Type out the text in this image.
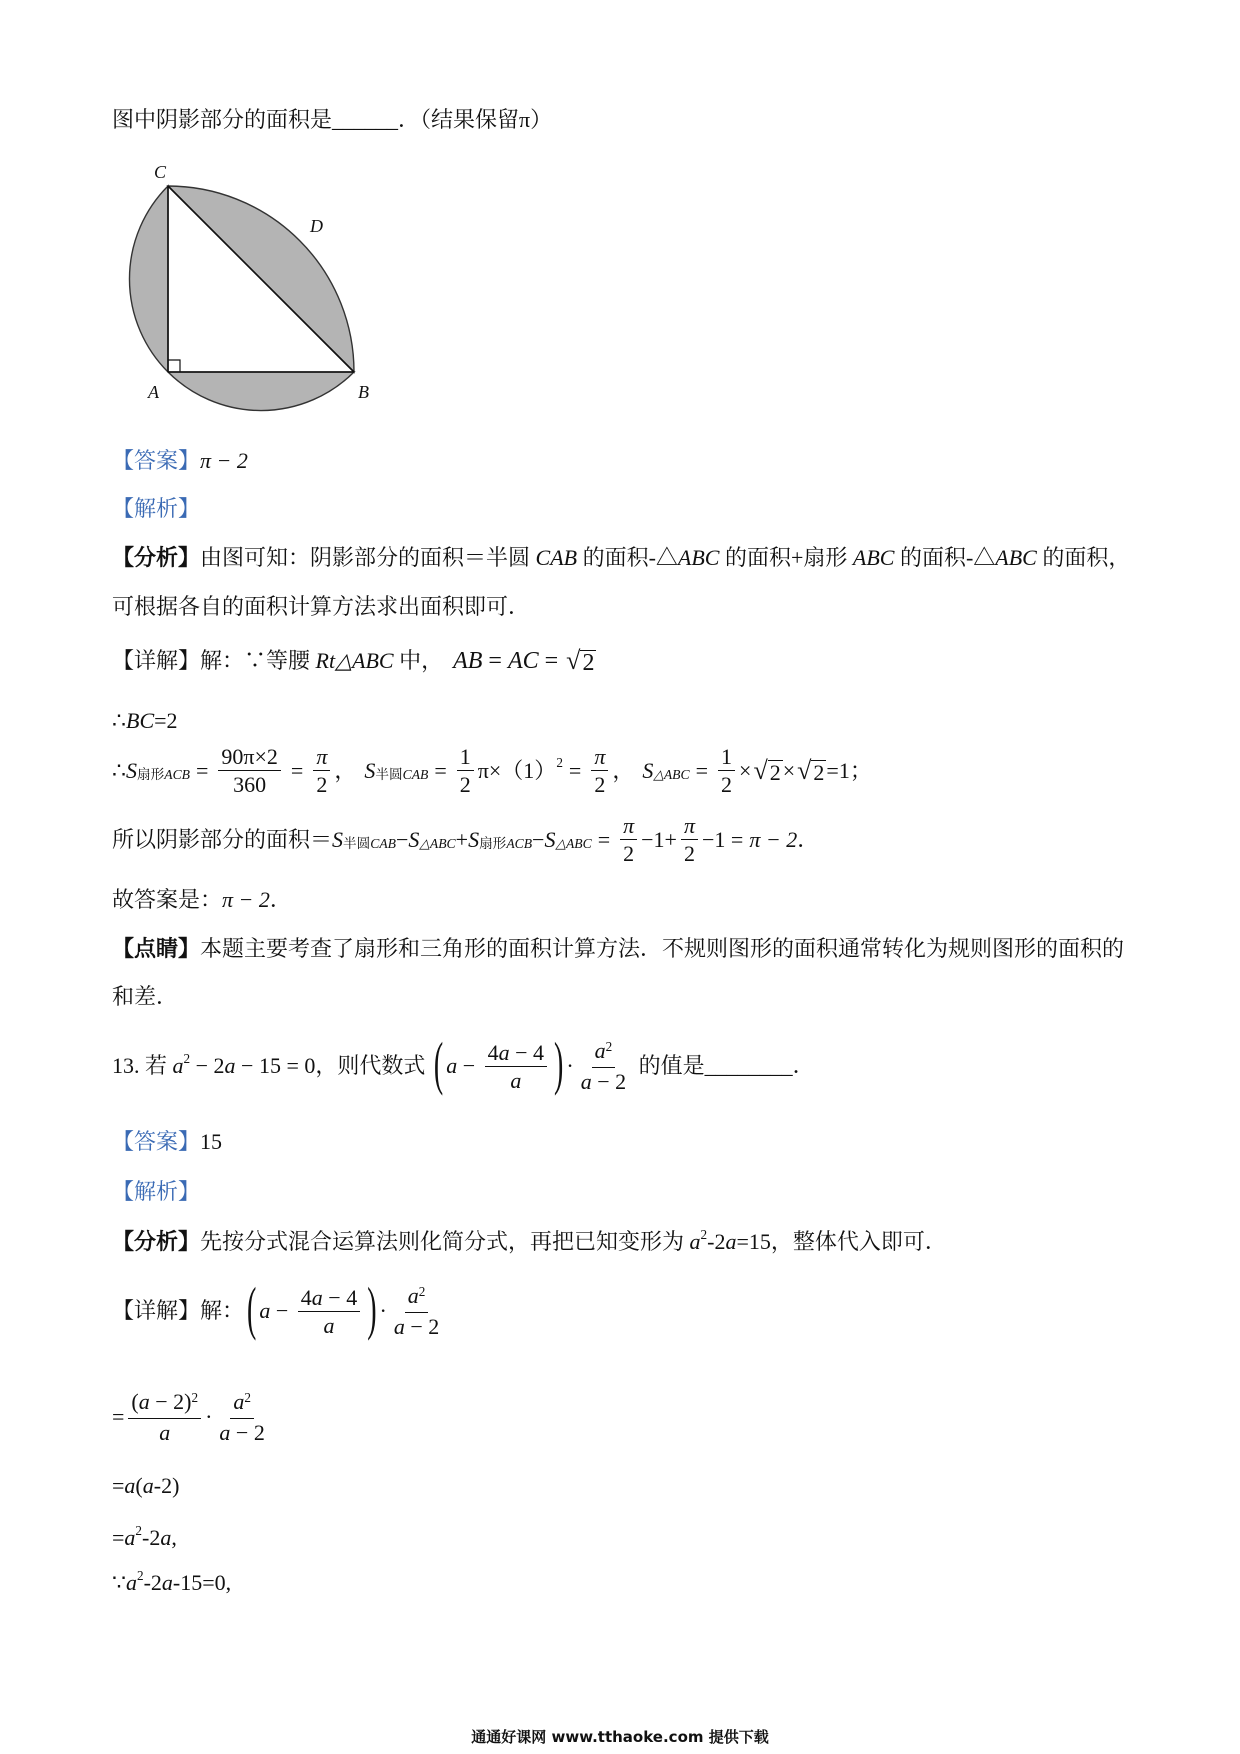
图中阴影部分的面积是______．（结果保留π）
C
D
A	B
【答案】 π − 2
【解析】
【分析】 由图可知：阴影部分的面积＝半圆 CAB 的面积-△ ABC 的面积+扇形 ABC 的面积-△ ABC 的面积，
可根据各自的面积计算方法求出面积即可．
【详解】 解：∵等腰 Rt△ABC 中， AB = AC = √ 2
∴ BC =2
∴ S 扇形 ACB = $\frac{90\pi\times 2}{360} = \frac{\pi}{2}$ ， S 半圆 CAB = $\frac{1}{2} \pi\times(1) 2 = \frac{\pi}{2}$ ， S △ABC = $\frac{1}{2}$ × √ 2 × √ 2 =1；
所以阴影部分的面积＝ S 半圆 CAB − S △ABC + S 扇形 ACB − S △ABC = $\frac{\pi}{2} -1+ \frac{\pi}{2} -1 = \pi - 2$ ．
故答案是： π − 2 ．
【点睛】 本题主要考查了扇形和三角形的面积计算方法．不规则图形的面积通常转化为规则图形的面积的
和差．
13. 若 a 2 − 2 a − 15 = 0 ，则代数式 ( $a - \frac{4a - 4}{a}$ ) · $\frac{a^2}{a - 2}$ 的值是________．
【答案】 15
【解析】
【分析】 先按分式混合运算法则化简分式，再把已知变形为 a 2 -2 a =15，整体代入即可．
【详解】 解： ( $a - \frac{4a - 4}{a}$ ) · $\frac{a^2}{a - 2}$
= $\frac{(a - 2)^2}{a} \cdot \frac{a^2}{a - 2}$
= a ( a -2)
= a 2 -2 a ,
∵ a 2 -2 a -15=0,
通通好课网 www.tthaoke.com 提供下载
